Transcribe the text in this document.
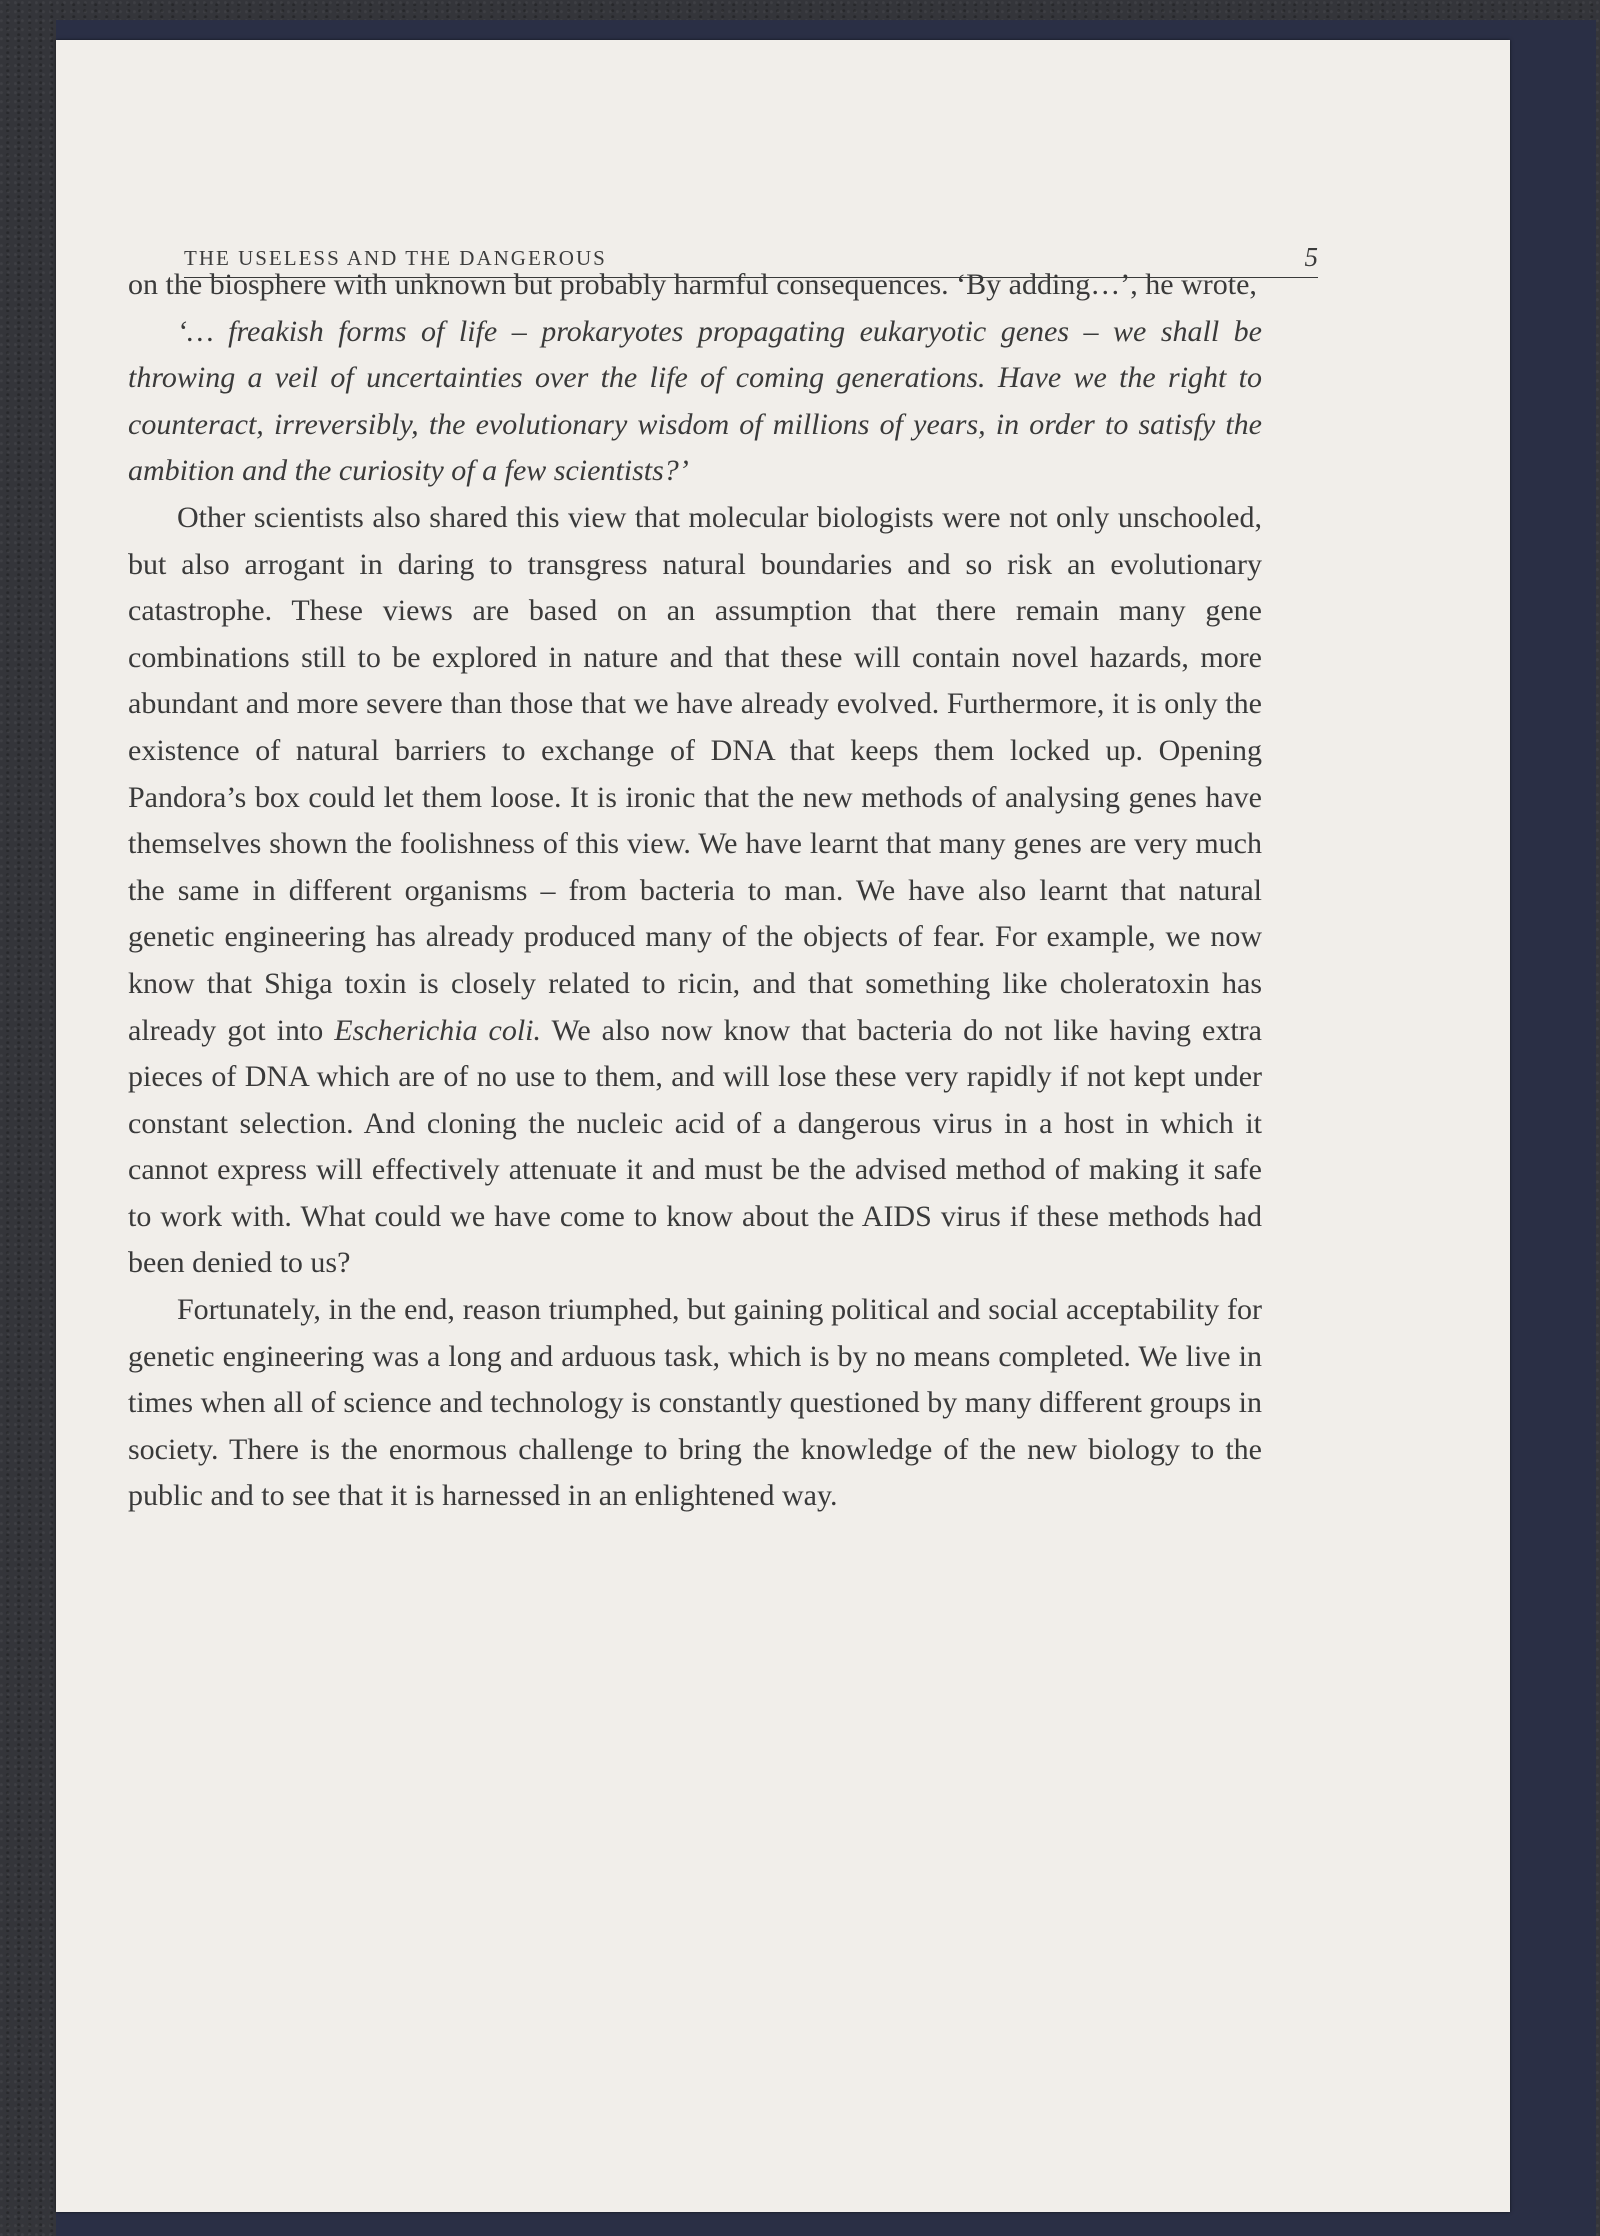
THE USELESS AND THE DANGEROUS	5

on the biosphere with unknown but probably harmful consequences. ‘By adding…’, he wrote,

‘… freakish forms of life – prokaryotes propagating eukaryotic genes – we shall be throwing a veil of uncertainties over the life of coming generations. Have we the right to counteract, irreversibly, the evolutionary wisdom of millions of years, in order to satisfy the ambition and the curiosity of a few scientists?’

Other scientists also shared this view that molecular biologists were not only unschooled, but also arrogant in daring to transgress natural boundaries and so risk an evolutionary catastrophe. These views are based on an assumption that there remain many gene combinations still to be explored in nature and that these will contain novel hazards, more abundant and more severe than those that we have already evolved. Furthermore, it is only the existence of natural barriers to exchange of DNA that keeps them locked up. Opening Pandora’s box could let them loose. It is ironic that the new methods of analysing genes have themselves shown the foolishness of this view. We have learnt that many genes are very much the same in different organisms – from bacteria to man. We have also learnt that natural genetic engineering has already produced many of the objects of fear. For example, we now know that Shiga toxin is closely related to ricin, and that something like choleratoxin has already got into Escherichia coli. We also now know that bacteria do not like having extra pieces of DNA which are of no use to them, and will lose these very rapidly if not kept under constant selection. And cloning the nucleic acid of a dangerous virus in a host in which it cannot express will effectively attenuate it and must be the advised method of making it safe to work with. What could we have come to know about the AIDS virus if these methods had been denied to us?

Fortunately, in the end, reason triumphed, but gaining political and social acceptability for genetic engineering was a long and arduous task, which is by no means completed. We live in times when all of science and technology is constantly questioned by many different groups in society. There is the enormous challenge to bring the knowledge of the new biology to the public and to see that it is harnessed in an enlightened way.
